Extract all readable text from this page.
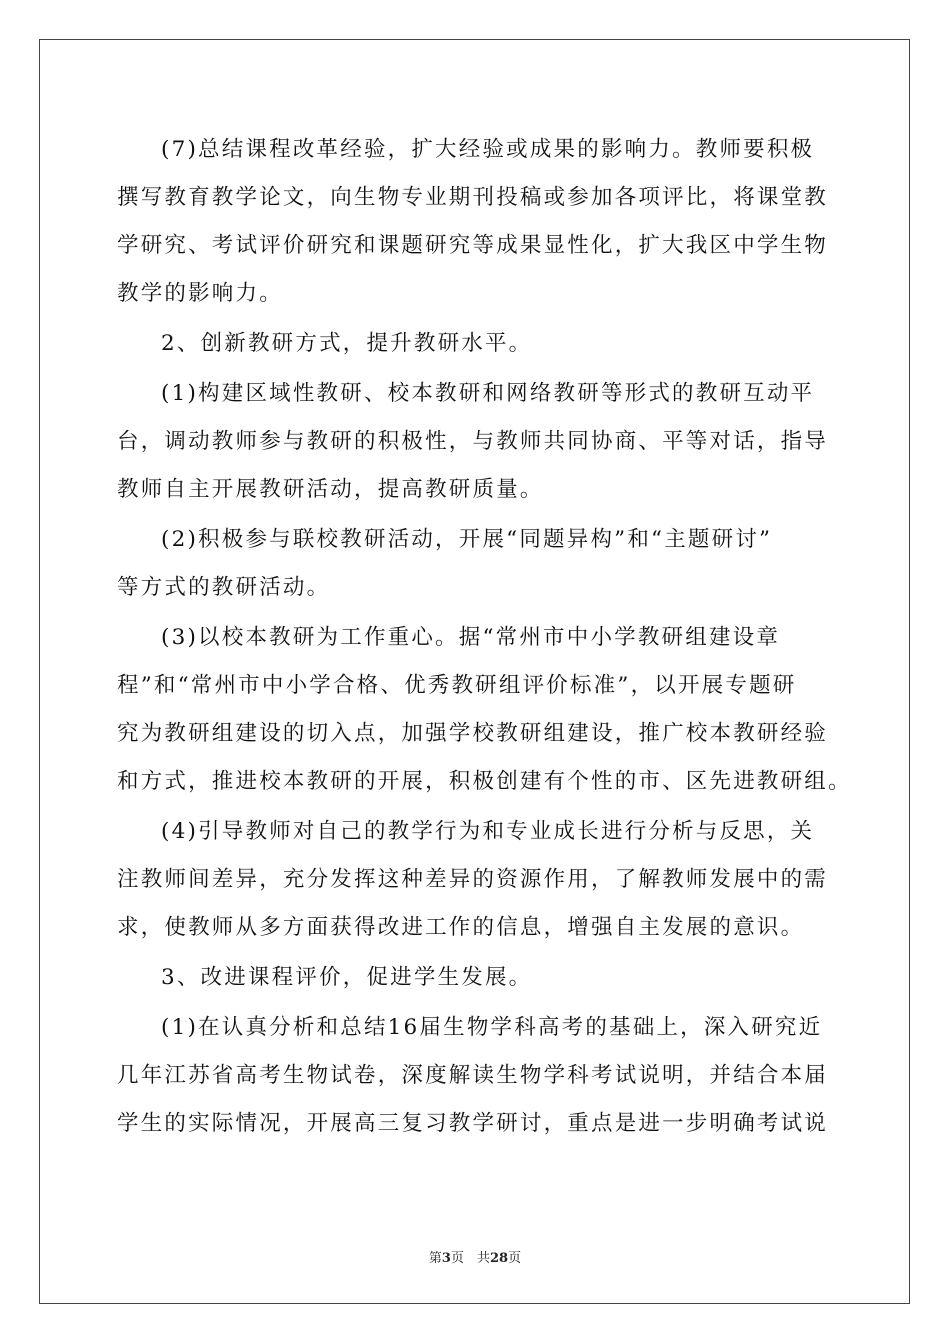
(7)总结课程改革经验，扩大经验或成果的影响力。教师要积极
撰写教育教学论文，向生物专业期刊投稿或参加各项评比，将课堂教
学研究、考试评价研究和课题研究等成果显性化，扩大我区中学生物
教学的影响力。
2、创新教研方式，提升教研水平。
(1)构建区域性教研、校本教研和网络教研等形式的教研互动平
台，调动教师参与教研的积极性，与教师共同协商、平等对话，指导
教师自主开展教研活动，提高教研质量。
(2)积极参与联校教研活动，开展“同题异构”和“主题研讨”
等方式的教研活动。
(3)以校本教研为工作重心。据“常州市中小学教研组建设章
程”和“常州市中小学合格、优秀教研组评价标准”，以开展专题研
究为教研组建设的切入点，加强学校教研组建设，推广校本教研经验
和方式，推进校本教研的开展，积极创建有个性的市、区先进教研组。
(4)引导教师对自己的教学行为和专业成长进行分析与反思，关
注教师间差异，充分发挥这种差异的资源作用，了解教师发展中的需
求，使教师从多方面获得改进工作的信息，增强自主发展的意识。
3、改进课程评价，促进学生发展。
(1)在认真分析和总结16届生物学科高考的基础上，深入研究近
几年江苏省高考生物试卷，深度解读生物学科考试说明，并结合本届
学生的实际情况，开展高三复习教学研讨，重点是进一步明确考试说
第3页　共28页
